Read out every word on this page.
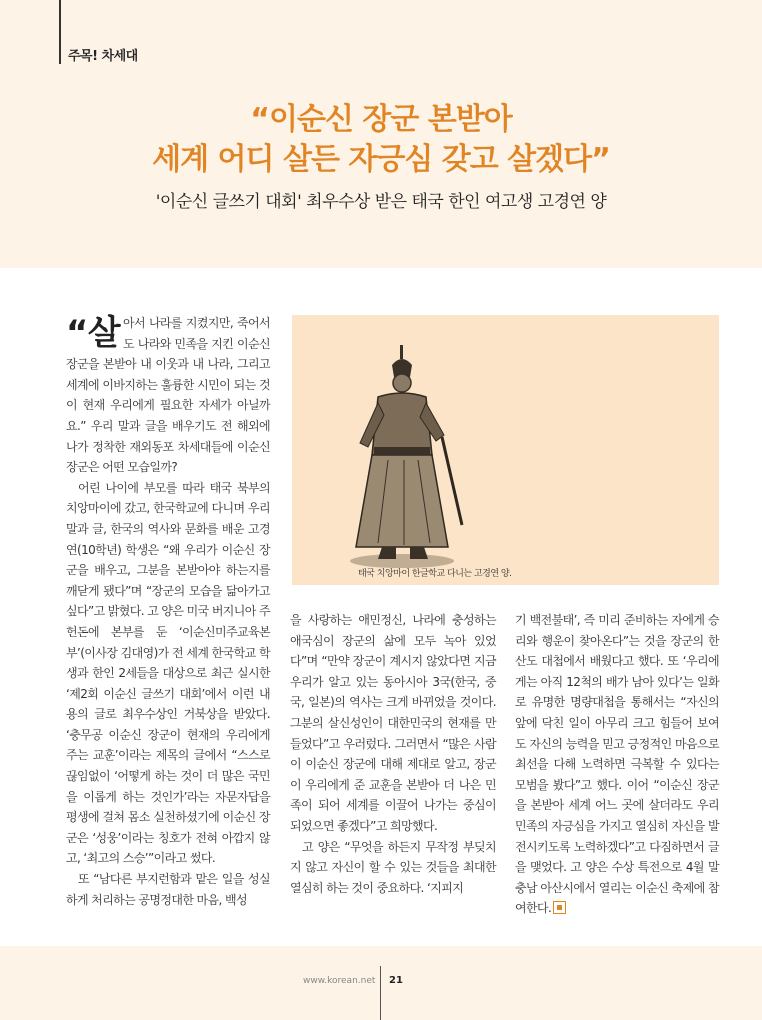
주목! 차세대
“이순신 장군 본받아
세계 어디 살든 자긍심 갖고 살겠다”
'이순신 글쓰기 대회' 최우수상 받은 태국 한인 여고생 고경연 양

“살 아서 나라를 지켰지만, 죽어서도 나라와 민족을 지킨 이순신 장군을 본받아 내 이웃과 내 나라, 그리고 세계에 이바지하는 훌륭한 시민이 되는 것이 현재 우리에게 필요한 자세가 아닐까요.” 우리 말과 글을 배우기도 전 해외에 나가 정착한 재외동포 차세대들에 이순신 장군은 어떤 모습일까?

어린 나이에 부모를 따라 태국 북부의 치앙마이에 갔고, 한국학교에 다니며 우리 말과 글, 한국의 역사와 문화를 배운 고경연(10학년) 학생은 “왜 우리가 이순신 장군을 배우고, 그분을 본받아야 하는지를 깨닫게 됐다”며 “장군의 모습을 닮아가고 싶다”고 밝혔다. 고 양은 미국 버지니아 주 헌돈에 본부를 둔 ‘이순신미주교육본부’(이사장 김대영)가 전 세계 한국학교 학생과 한인 2세들을 대상으로 최근 실시한 ‘제2회 이순신 글쓰기 대회’에서 이런 내용의 글로 최우수상인 거북상을 받았다. ‘충무공 이순신 장군이 현재의 우리에게 주는 교훈’이라는 제목의 글에서 “스스로 끊임없이 ‘어떻게 하는 것이 더 많은 국민을 이롭게 하는 것인가’라는 자문자답을 평생에 걸쳐 몸소 실천하셨기에 이순신 장군은 ‘성웅’이라는 칭호가 전혀 아깝지 않고, ‘최고의 스승’”이라고 썼다.

또 “남다른 부지런함과 맡은 일을 성실하게 처리하는 공명정대한 마음, 백성

태국 치앙마이 한글학교 다니는 고경연 양.

을 사랑하는 애민정신, 나라에 충성하는 애국심이 장군의 삶에 모두 녹아 있었다”며 “만약 장군이 계시지 않았다면 지금 우리가 알고 있는 동아시아 3국(한국, 중국, 일본)의 역사는 크게 바뀌었을 것이다. 그분의 살신성인이 대한민국의 현재를 만들었다”고 우러렀다. 그러면서 “많은 사람이 이순신 장군에 대해 제대로 알고, 장군이 우리에게 준 교훈을 본받아 더 나은 민족이 되어 세계를 이끌어 나가는 중심이 되었으면 좋겠다”고 희망했다.

고 양은 “무엇을 하든지 무작정 부딪치지 않고 자신이 할 수 있는 것들을 최대한 열심히 하는 것이 중요하다. ‘지피지

기 백전불태’, 즉 미리 준비하는 자에게 승리와 행운이 찾아온다”는 것을 장군의 한산도 대첩에서 배웠다고 했다. 또 ‘우리에게는 아직 12척의 배가 남아 있다’는 일화로 유명한 명량대첩을 통해서는 “자신의 앞에 닥친 일이 아무리 크고 힘들어 보여도 자신의 능력을 믿고 긍정적인 마음으로 최선을 다해 노력하면 극복할 수 있다는 모범을 봤다”고 했다. 이어 “이순신 장군을 본받아 세계 어느 곳에 살더라도 우리 민족의 자긍심을 가지고 열심히 자신을 발전시키도록 노력하겠다”고 다짐하면서 글을 맺었다. 고 양은 수상 특전으로 4월 말 충남 아산시에서 열리는 이순신 축제에 참여한다.

www.korean.net 21
